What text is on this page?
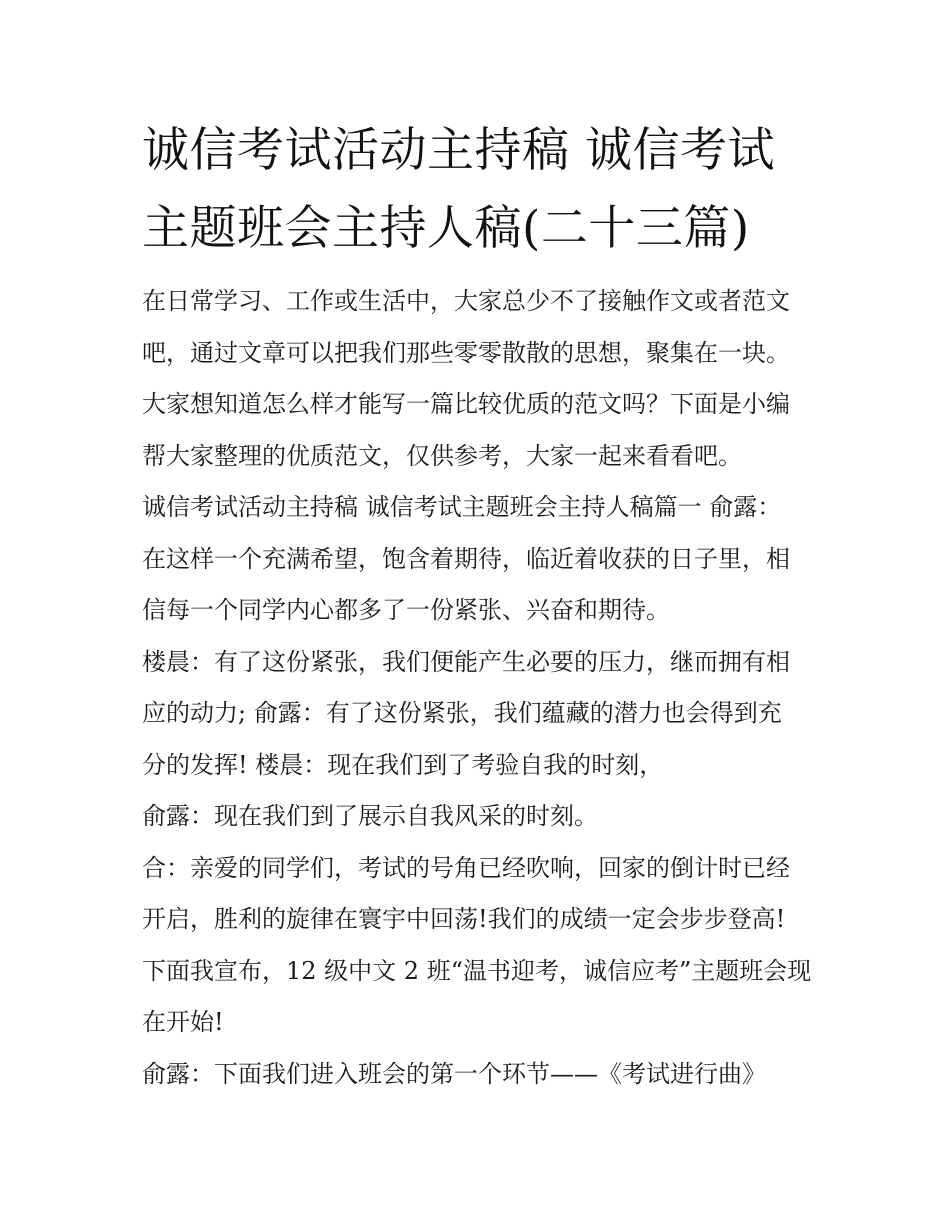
诚信考试活动主持稿 诚信考试
主题班会主持人稿(二十三篇)
在日常学习、工作或生活中，大家总少不了接触作文或者范文
吧，通过文章可以把我们那些零零散散的思想，聚集在一块。
大家想知道怎么样才能写一篇比较优质的范文吗？下面是小编
帮大家整理的优质范文，仅供参考，大家一起来看看吧。
诚信考试活动主持稿 诚信考试主题班会主持人稿篇一 俞露：
在这样一个充满希望，饱含着期待，临近着收获的日子里，相
信每一个同学内心都多了一份紧张、兴奋和期待。
楼晨：有了这份紧张，我们便能产生必要的压力，继而拥有相
应的动力; 俞露：有了这份紧张，我们蕴藏的潜力也会得到充
分的发挥! 楼晨：现在我们到了考验自我的时刻，
俞露：现在我们到了展示自我风采的时刻。
合：亲爱的同学们，考试的号角已经吹响，回家的倒计时已经
开启，胜利的旋律在寰宇中回荡!我们的成绩一定会步步登高!
下面我宣布，12 级中文 2 班“温书迎考，诚信应考”主题班会现
在开始!
俞露：下面我们进入班会的第一个环节——《考试进行曲》
